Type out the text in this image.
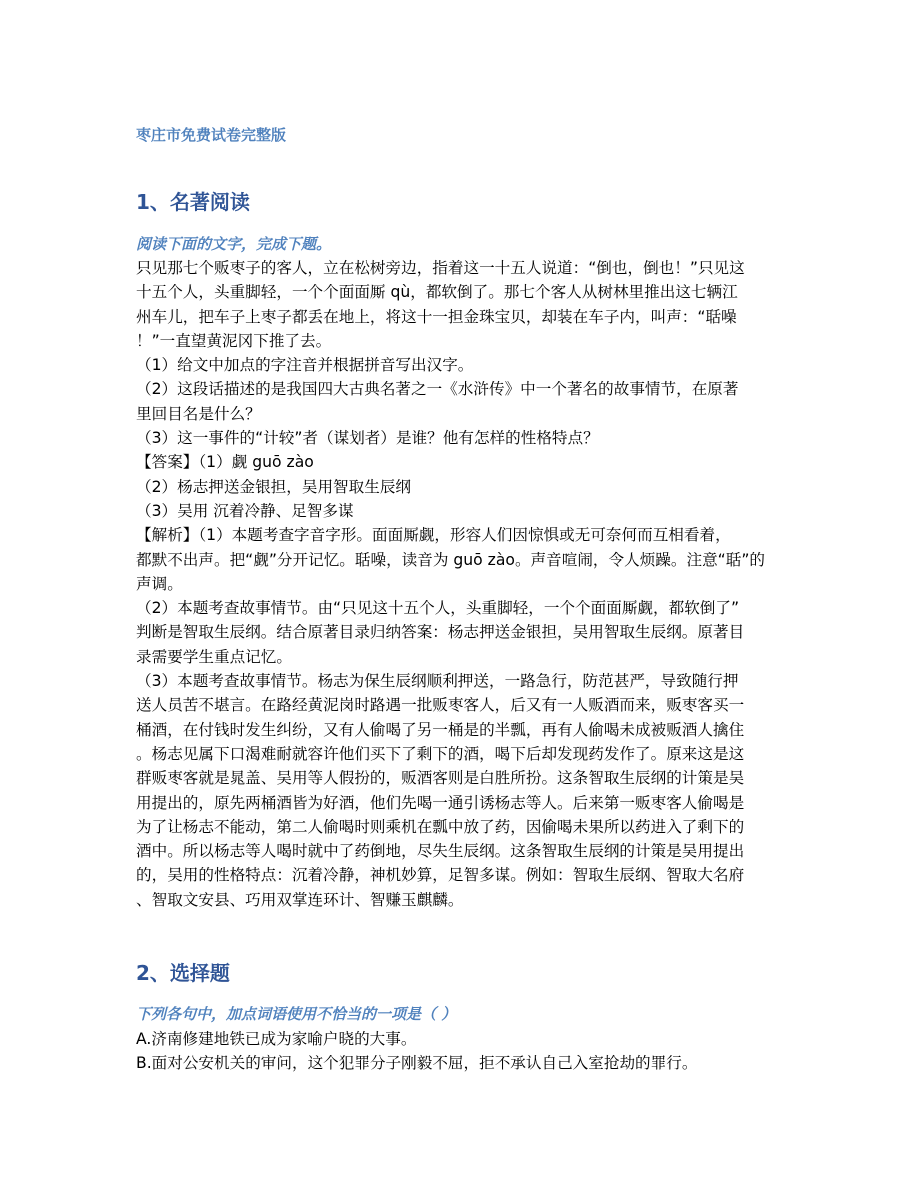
枣庄市免费试卷完整版
1、名著阅读
阅读下面的文字，完成下题。
只见那七个贩枣子的客人，立在松树旁边，指着这一十五人说道：“倒也，倒也！”只见这
十五个人，头重脚轻，一个个面面厮 qù，都软倒了。那七个客人从树林里推出这七辆江
州车儿，把车子上枣子都丢在地上，将这十一担金珠宝贝，却装在车子内，叫声：“聒噪
！”一直望黄泥冈下推了去。
（1）给文中加点的字注音并根据拼音写出汉字。
（2）这段话描述的是我国四大古典名著之一《水浒传》中一个著名的故事情节，在原著
里回目名是什么？
（3）这一事件的“计较”者（谋划者）是谁？他有怎样的性格特点？
【答案】（1）觑 guō zào
（2）杨志押送金银担，吴用智取生辰纲
（3）吴用 沉着冷静、足智多谋
【解析】（1）本题考查字音字形。面面厮觑，形容人们因惊惧或无可奈何而互相看着，
都默不出声。把“觑”分开记忆。聒噪，读音为 guō zào。声音喧闹，令人烦躁。注意“聒”的
声调。
（2）本题考查故事情节。由“只见这十五个人，头重脚轻，一个个面面厮觑，都软倒了”
判断是智取生辰纲。结合原著目录归纳答案：杨志押送金银担，吴用智取生辰纲。原著目
录需要学生重点记忆。
（3）本题考查故事情节。杨志为保生辰纲顺利押送，一路急行，防范甚严，导致随行押
送人员苦不堪言。在路经黄泥岗时路遇一批贩枣客人，后又有一人贩酒而来，贩枣客买一
桶酒，在付钱时发生纠纷，又有人偷喝了另一桶是的半瓢，再有人偷喝未成被贩酒人擒住
。杨志见属下口渴难耐就容许他们买下了剩下的酒，喝下后却发现药发作了。原来这是这
群贩枣客就是晁盖、吴用等人假扮的，贩酒客则是白胜所扮。这条智取生辰纲的计策是吴
用提出的，原先两桶酒皆为好酒，他们先喝一通引诱杨志等人。后来第一贩枣客人偷喝是
为了让杨志不能动，第二人偷喝时则乘机在瓢中放了药，因偷喝未果所以药进入了剩下的
酒中。所以杨志等人喝时就中了药倒地，尽失生辰纲。这条智取生辰纲的计策是吴用提出
的，吴用的性格特点：沉着冷静，神机妙算，足智多谋。例如：智取生辰纲、智取大名府
、智取文安县、巧用双掌连环计、智赚玉麒麟。
2、选择题
下列各句中，加点词语使用不恰当的一项是（ ）
A.济南修建地铁已成为家喻户晓的大事。
B.面对公安机关的审问，这个犯罪分子刚毅不屈，拒不承认自己入室抢劫的罪行。
